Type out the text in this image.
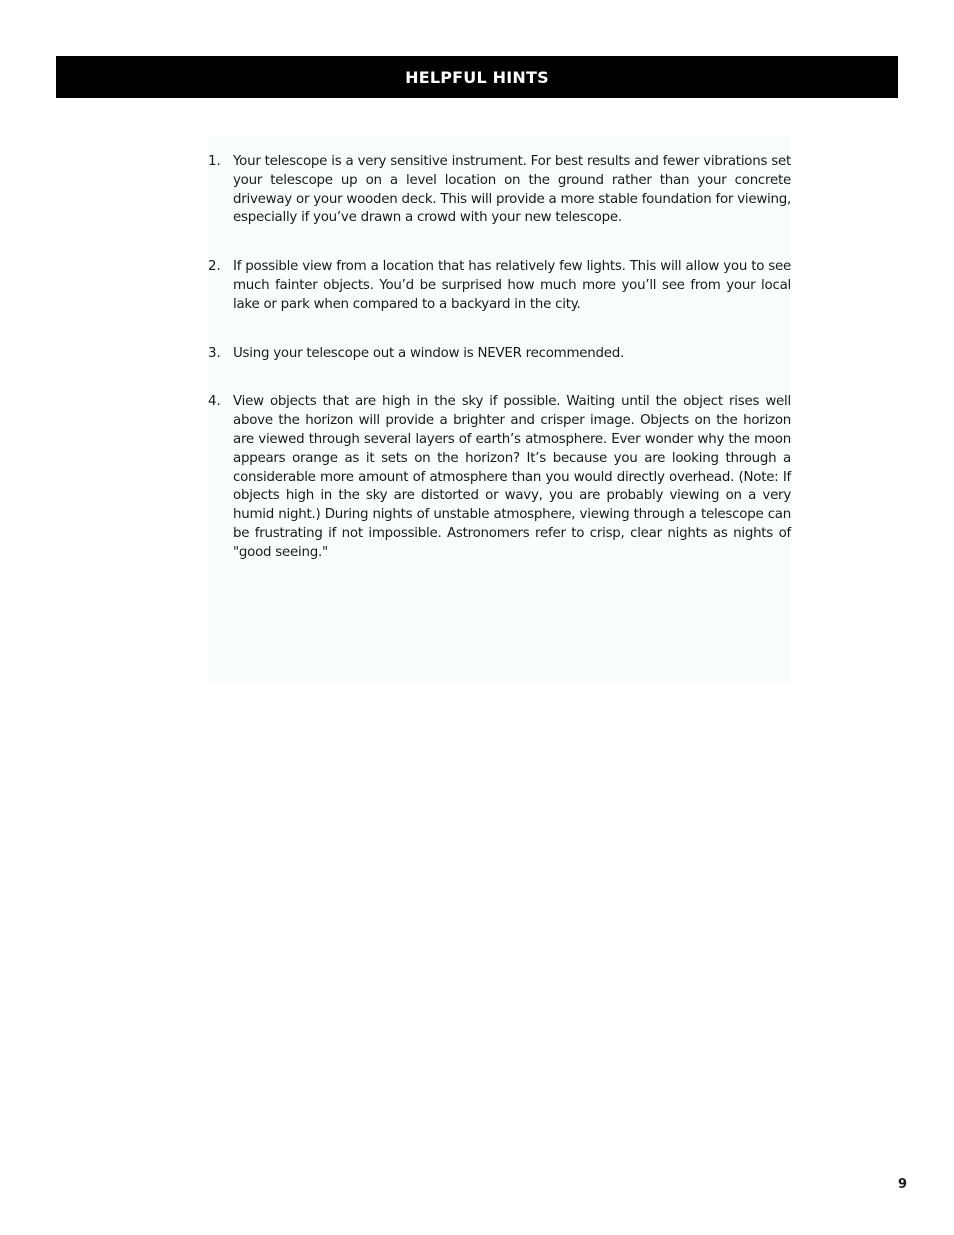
HELPFUL HINTS
1. Your telescope is a very sensitive instrument. For best results and fewer vibrations set your telescope up on a level location on the ground rather than your concrete driveway or your wooden deck. This will provide a more stable foundation for viewing, especially if you’ve drawn a crowd with your new telescope.
2. If possible view from a location that has relatively few lights. This will allow you to see much fainter objects. You’d be surprised how much more you’ll see from your local lake or park when compared to a backyard in the city.
3. Using your telescope out a window is NEVER recommended.
4. View objects that are high in the sky if possible. Waiting until the object rises well above the horizon will provide a brighter and crisper image. Objects on the horizon are viewed through several layers of earth’s atmosphere. Ever wonder why the moon appears orange as it sets on the horizon? It’s because you are looking through a considerable more amount of atmosphere than you would directly overhead. (Note: If objects high in the sky are distorted or wavy, you are probably viewing on a very humid night.) During nights of unstable atmosphere, viewing through a telescope can be frustrating if not impossible. Astronomers refer to crisp, clear nights as nights of "good seeing."
9
